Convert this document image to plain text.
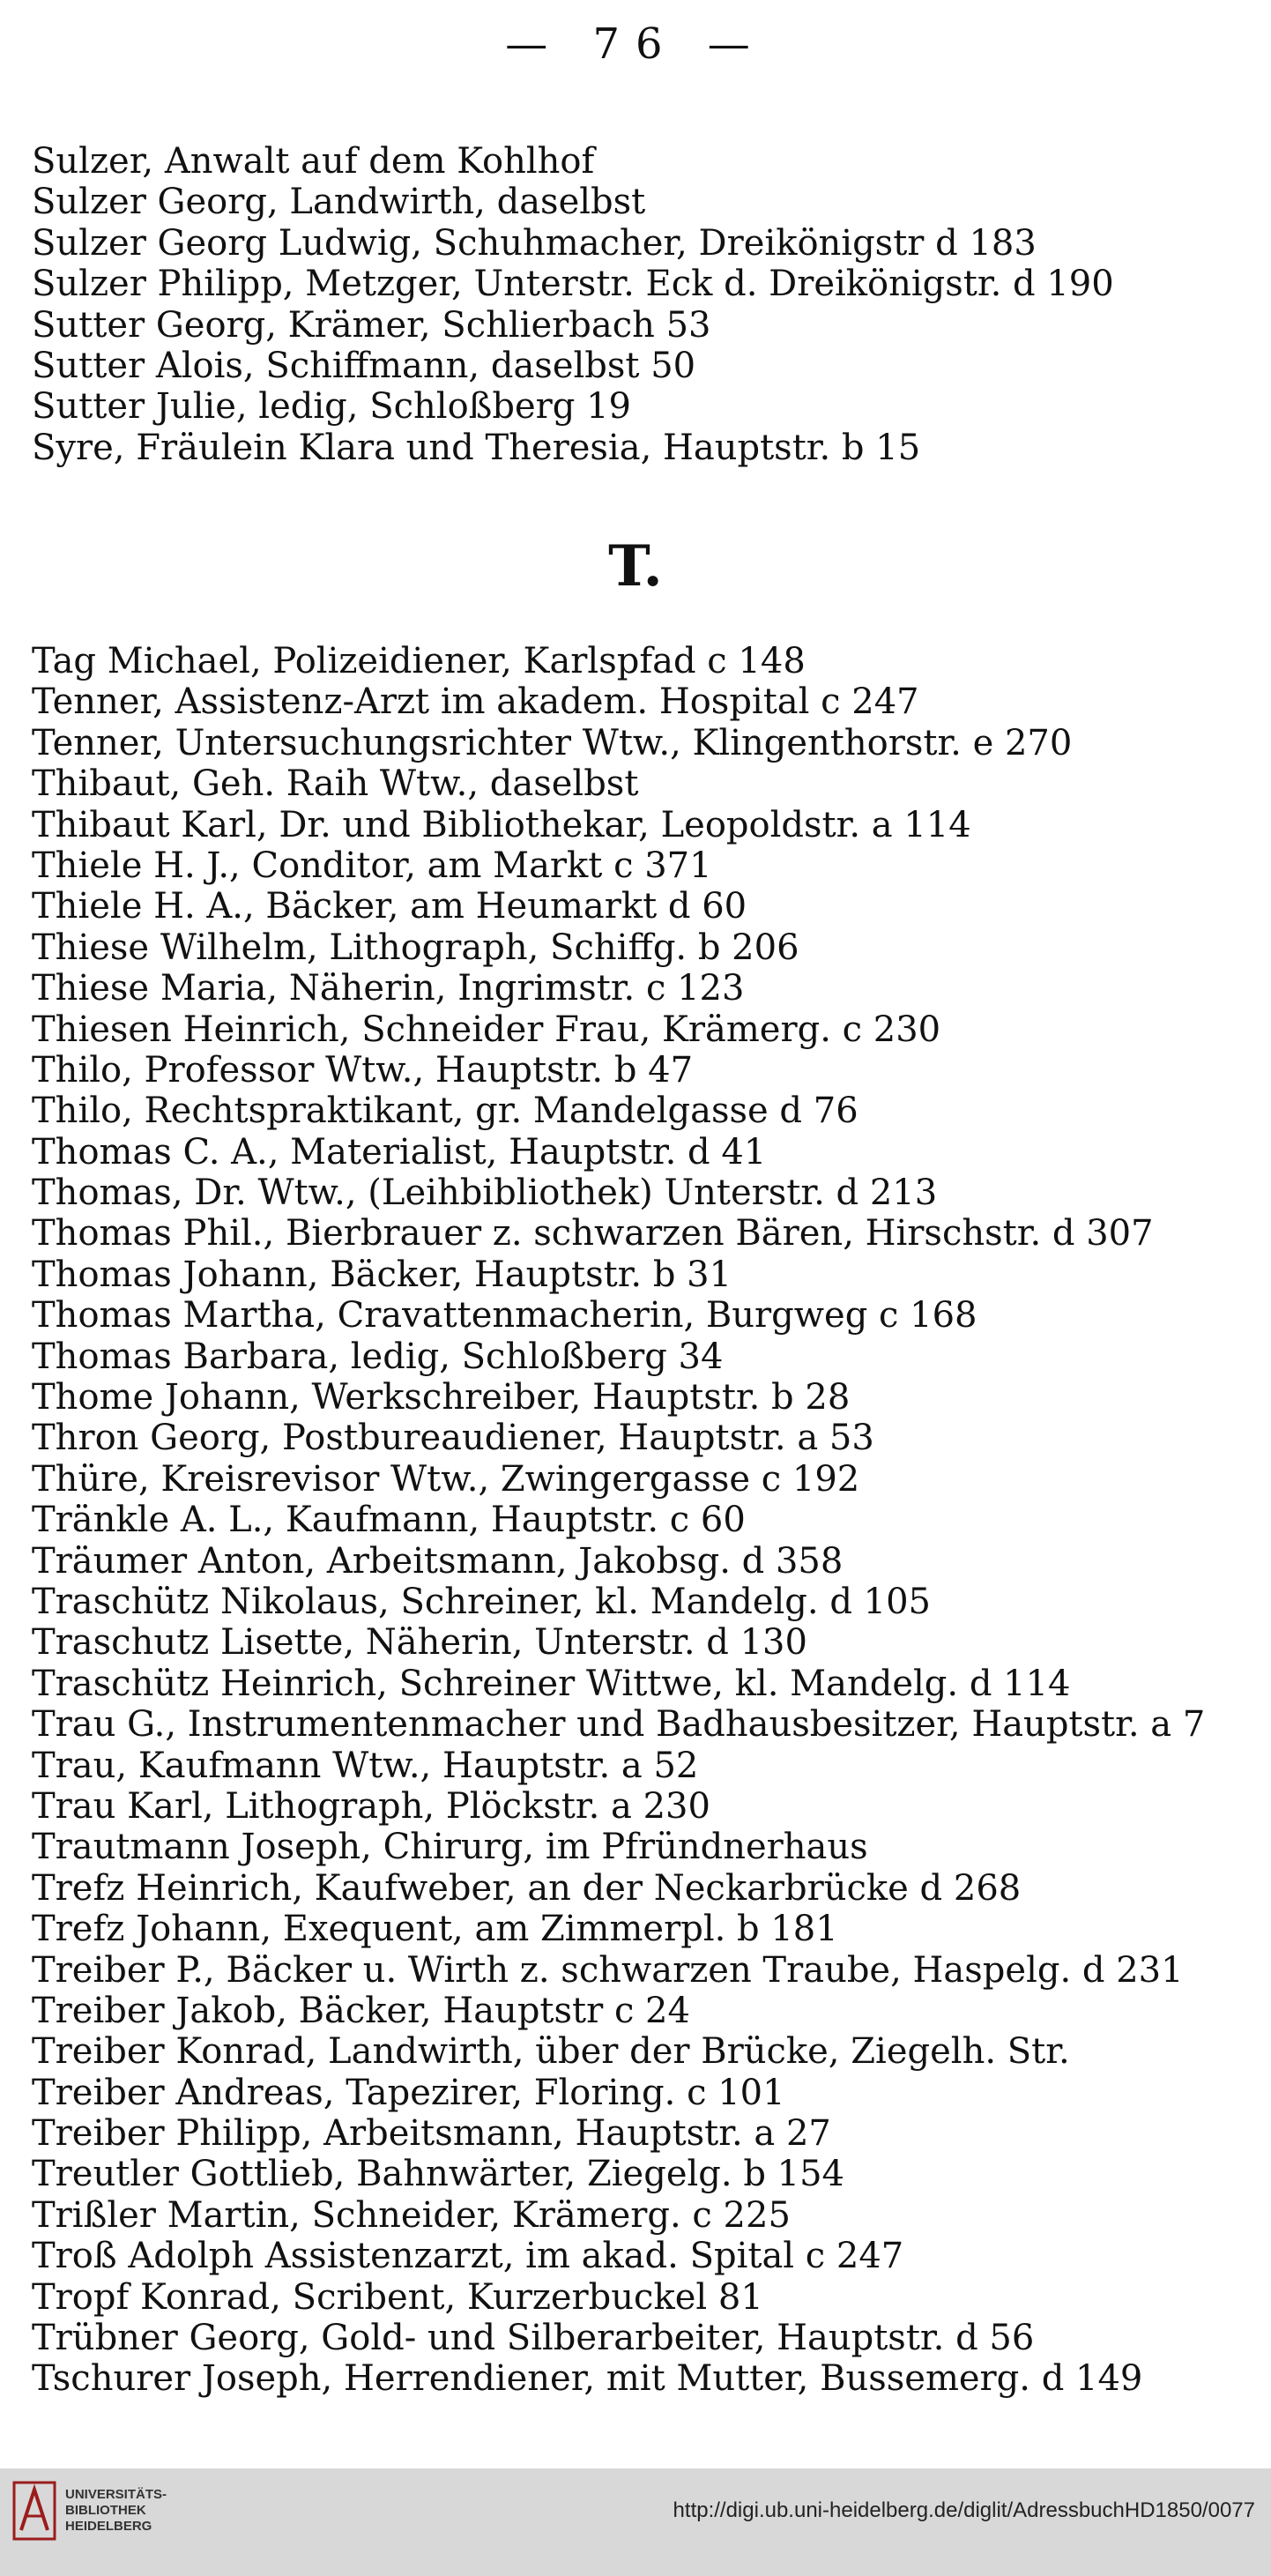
— 76 —
Sulzer, Anwalt auf dem Kohlhof
Sulzer Georg, Landwirth, daselbst
Sulzer Georg Ludwig, Schuhmacher, Dreikönigstr d 183
Sulzer Philipp, Metzger, Unterstr. Eck d. Dreikönigstr. d 190
Sutter Georg, Krämer, Schlierbach 53
Sutter Alois, Schiffmann, daselbst 50
Sutter Julie, ledig, Schloßberg 19
Syre, Fräulein Klara und Theresia, Hauptstr. b 15
T.
Tag Michael, Polizeidiener, Karlspfad c 148
Tenner, Assistenz-Arzt im akadem. Hospital c 247
Tenner, Untersuchungsrichter Wtw., Klingenthorstr. e 270
Thibaut, Geh. Raih Wtw., daselbst
Thibaut Karl, Dr. und Bibliothekar, Leopoldstr. a 114
Thiele H. J., Conditor, am Markt c 371
Thiele H. A., Bäcker, am Heumarkt d 60
Thiese Wilhelm, Lithograph, Schiffg. b 206
Thiese Maria, Näherin, Ingrimstr. c 123
Thiesen Heinrich, Schneider Frau, Krämerg. c 230
Thilo, Professor Wtw., Hauptstr. b 47
Thilo, Rechtspraktikant, gr. Mandelgasse d 76
Thomas C. A., Materialist, Hauptstr. d 41
Thomas, Dr. Wtw., (Leihbibliothek) Unterstr. d 213
Thomas Phil., Bierbrauer z. schwarzen Bären, Hirschstr. d 307
Thomas Johann, Bäcker, Hauptstr. b 31
Thomas Martha, Cravattenmacherin, Burgweg c 168
Thomas Barbara, ledig, Schloßberg 34
Thome Johann, Werkschreiber, Hauptstr. b 28
Thron Georg, Postbureaudiener, Hauptstr. a 53
Thüre, Kreisrevisor Wtw., Zwingergasse c 192
Tränkle A. L., Kaufmann, Hauptstr. c 60
Träumer Anton, Arbeitsmann, Jakobsg. d 358
Traschütz Nikolaus, Schreiner, kl. Mandelg. d 105
Traschutz Lisette, Näherin, Unterstr. d 130
Traschütz Heinrich, Schreiner Wittwe, kl. Mandelg. d 114
Trau G., Instrumentenmacher und Badhausbesitzer, Hauptstr. a 7
Trau, Kaufmann Wtw., Hauptstr. a 52
Trau Karl, Lithograph, Plöckstr. a 230
Trautmann Joseph, Chirurg, im Pfründnerhaus
Trefz Heinrich, Kaufweber, an der Neckarbrücke d 268
Trefz Johann, Exequent, am Zimmerpl. b 181
Treiber P., Bäcker u. Wirth z. schwarzen Traube, Haspelg. d 231
Treiber Jakob, Bäcker, Hauptstr c 24
Treiber Konrad, Landwirth, über der Brücke, Ziegelh. Str.
Treiber Andreas, Tapezirer, Floring. c 101
Treiber Philipp, Arbeitsmann, Hauptstr. a 27
Treutler Gottlieb, Bahnwärter, Ziegelg. b 154
Trißler Martin, Schneider, Krämerg. c 225
Troß Adolph Assistenzarzt, im akad. Spital c 247
Tropf Konrad, Scribent, Kurzerbuckel 81
Trübner Georg, Gold- und Silberarbeiter, Hauptstr. d 56
Tschurer Joseph, Herrendiener, mit Mutter, Bussemerg. d 149
UNIVERSITÄTS-
BIBLIOTHEK
HEIDELBERG
http://digi.ub.uni-heidelberg.de/diglit/AdressbuchHD1850/0077
